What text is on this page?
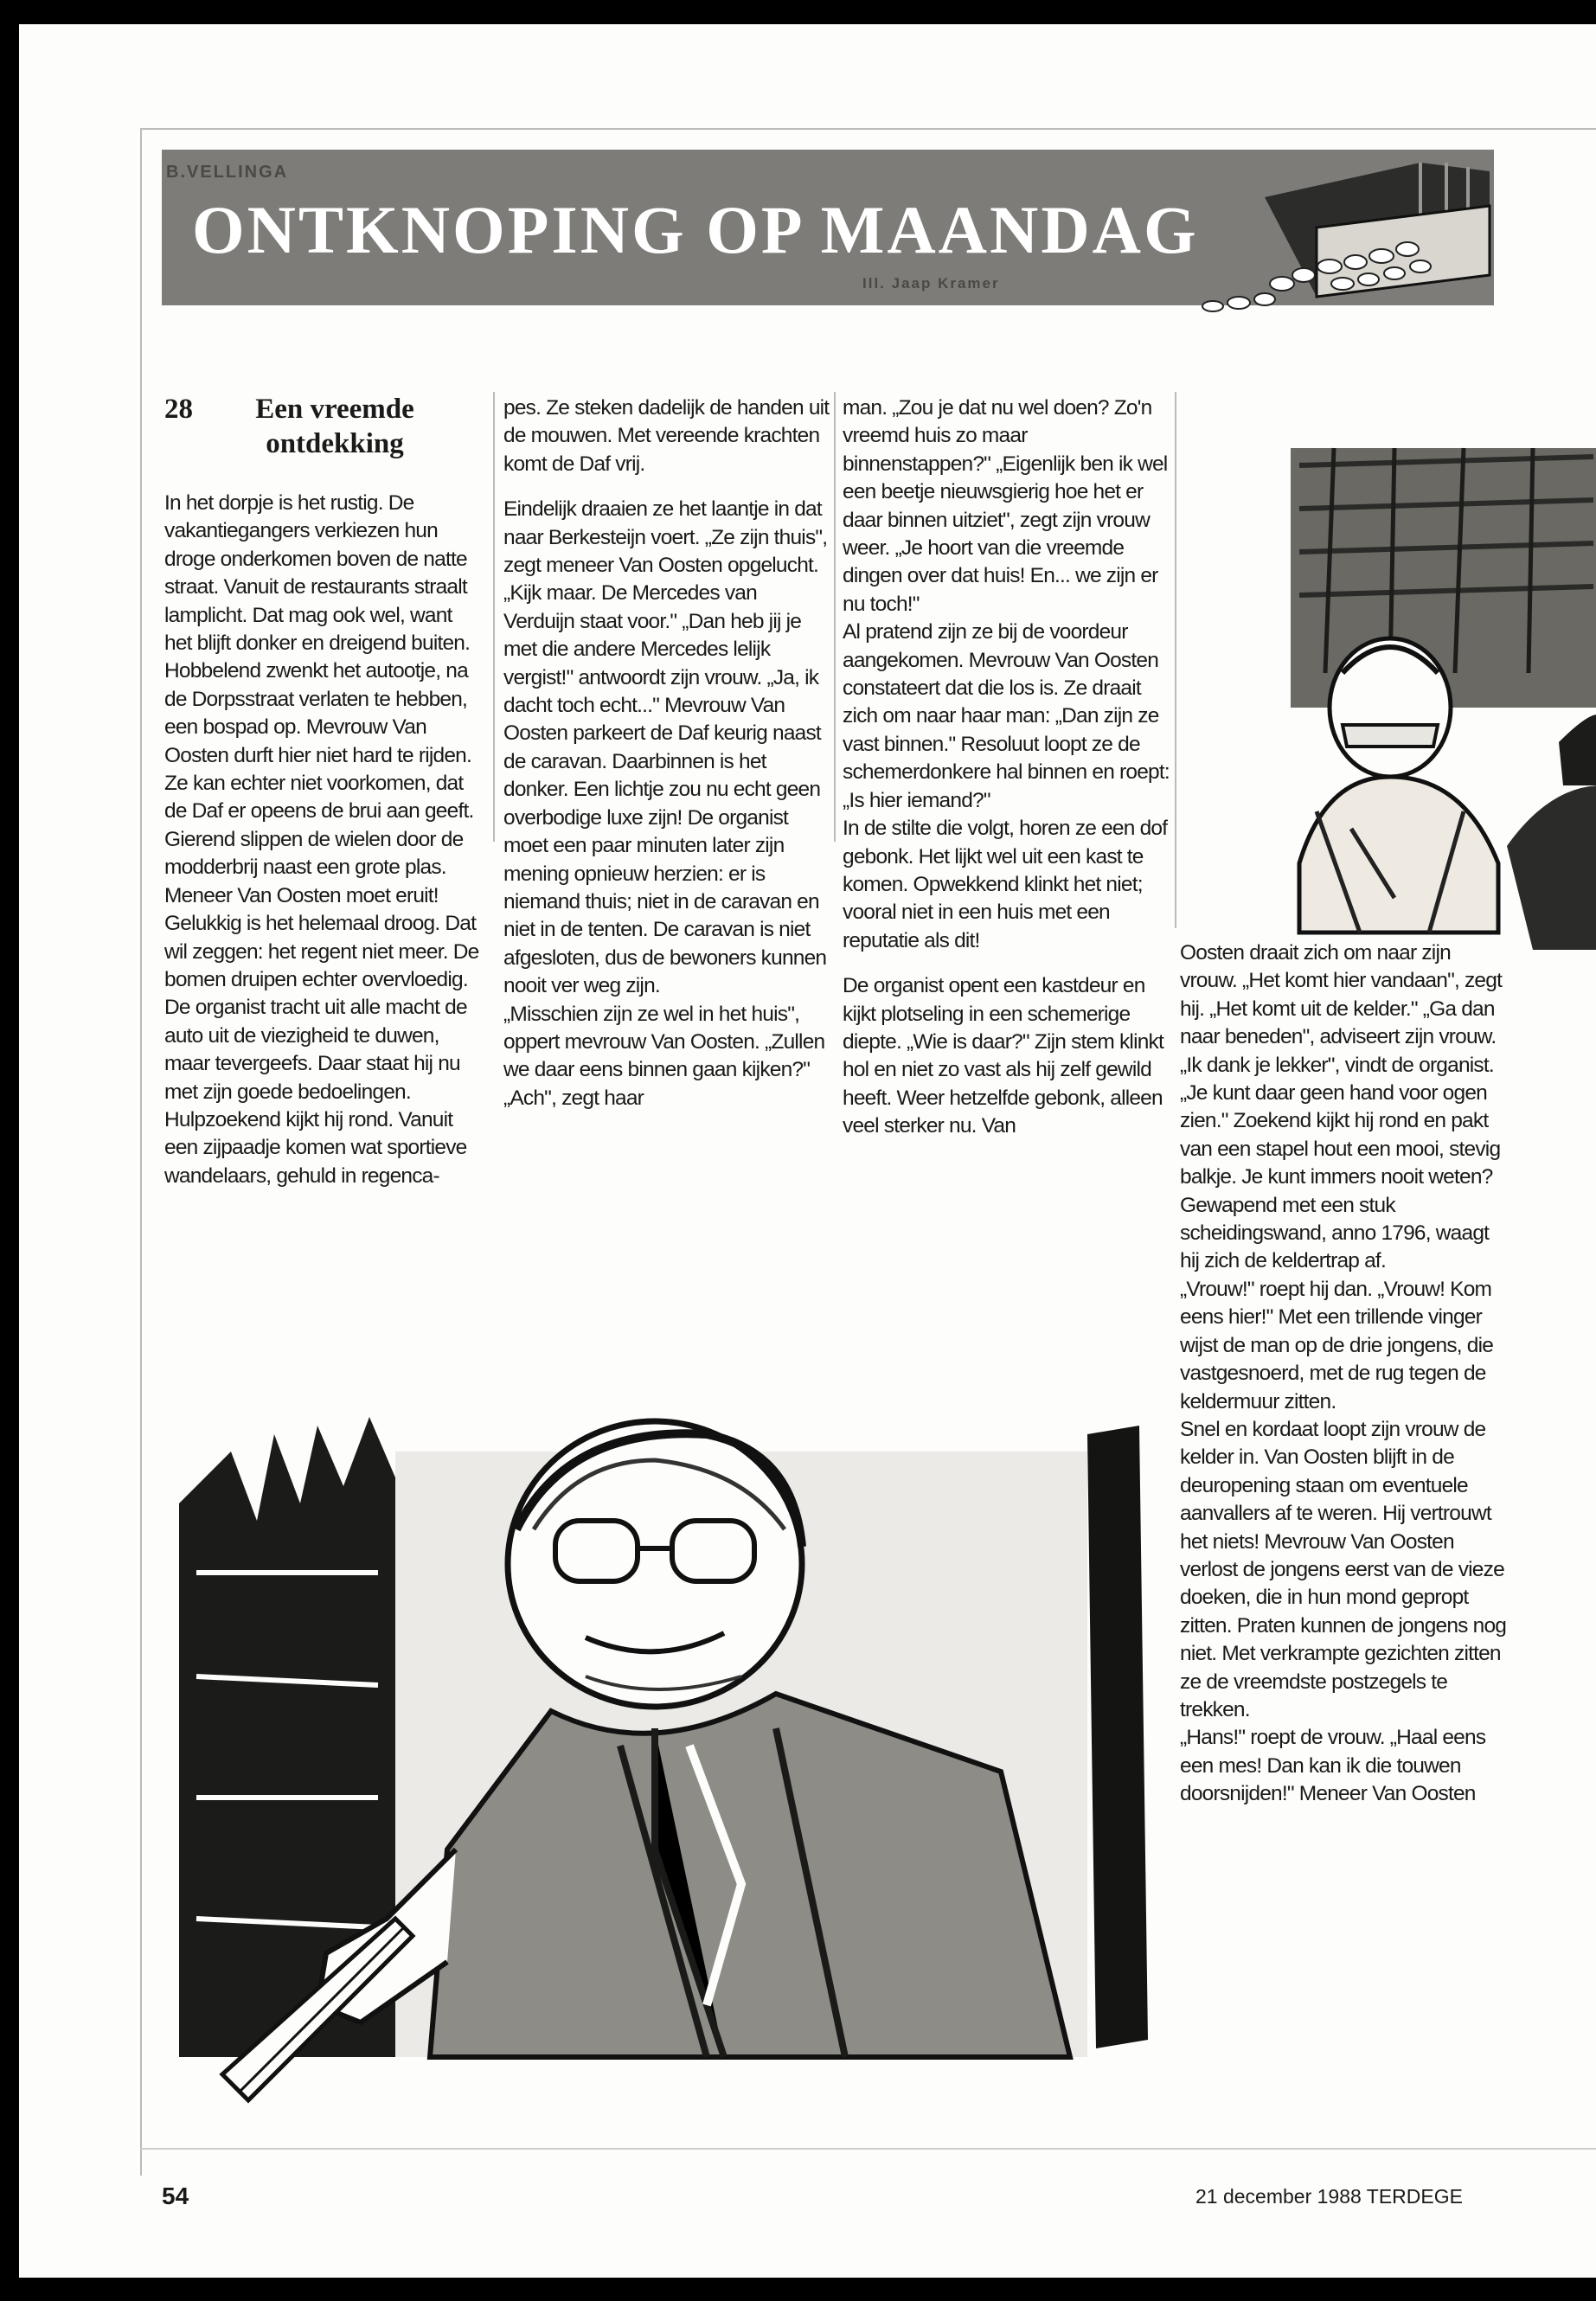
B.VELLINGA
ONTKNOPING OP MAANDAG
Ill. Jaap Kramer
28 Een vreemde ontdekking

In het dorpje is het rustig. De vakantiegangers verkiezen hun droge onderkomen boven de natte straat. Vanuit de restaurants straalt lamplicht. Dat mag ook wel, want het blijft donker en dreigend buiten. Hobbelend zwenkt het autootje, na de Dorpsstraat verlaten te hebben, een bospad op. Mevrouw Van Oosten durft hier niet hard te rijden. Ze kan echter niet voorkomen, dat de Daf er opeens de brui aan geeft. Gierend slippen de wielen door de modderbrij naast een grote plas. Meneer Van Oosten moet eruit! Gelukkig is het helemaal droog. Dat wil zeggen: het regent niet meer. De bomen druipen echter overvloedig. De organist tracht uit alle macht de auto uit de viezigheid te duwen, maar tevergeefs. Daar staat hij nu met zijn goede bedoelingen. Hulpzoekend kijkt hij rond. Vanuit een zijpaadje komen wat sportieve wandelaars, gehuld in regenca-

pes. Ze steken dadelijk de handen uit de mouwen. Met vereende krachten komt de Daf vrij.

Eindelijk draaien ze het laantje in dat naar Berkesteijn voert. „Ze zijn thuis", zegt meneer Van Oosten opgelucht. „Kijk maar. De Mercedes van Verduijn staat voor." „Dan heb jij je met die andere Mercedes lelijk vergist!" antwoordt zijn vrouw. „Ja, ik dacht toch echt..." Mevrouw Van Oosten parkeert de Daf keurig naast de caravan. Daarbinnen is het donker. Een lichtje zou nu echt geen overbodige luxe zijn! De organist moet een paar minuten later zijn mening opnieuw herzien: er is niemand thuis; niet in de caravan en niet in de tenten. De caravan is niet afgesloten, dus de bewoners kunnen nooit ver weg zijn.

„Misschien zijn ze wel in het huis", oppert mevrouw Van Oosten. „Zullen we daar eens binnen gaan kijken?" „Ach", zegt haar

man. „Zou je dat nu wel doen? Zo'n vreemd huis zo maar binnenstappen?" „Eigenlijk ben ik wel een beetje nieuwsgierig hoe het er daar binnen uitziet", zegt zijn vrouw weer. „Je hoort van die vreemde dingen over dat huis! En... we zijn er nu toch!"

Al pratend zijn ze bij de voordeur aangekomen. Mevrouw Van Oosten constateert dat die los is. Ze draait zich om naar haar man: „Dan zijn ze vast binnen." Resoluut loopt ze de schemerdonkere hal binnen en roept: „Is hier iemand?"

In de stilte die volgt, horen ze een dof gebonk. Het lijkt wel uit een kast te komen. Opwekkend klinkt het niet; vooral niet in een huis met een reputatie als dit!

De organist opent een kastdeur en kijkt plotseling in een schemerige diepte. „Wie is daar?" Zijn stem klinkt hol en niet zo vast als hij zelf gewild heeft. Weer hetzelfde gebonk, alleen veel sterker nu. Van

Oosten draait zich om naar zijn vrouw. „Het komt hier vandaan", zegt hij. „Het komt uit de kelder." „Ga dan naar beneden", adviseert zijn vrouw.

„Ik dank je lekker", vindt de organist. „Je kunt daar geen hand voor ogen zien." Zoekend kijkt hij rond en pakt van een stapel hout een mooi, stevig balkje. Je kunt immers nooit weten? Gewapend met een stuk scheidingswand, anno 1796, waagt hij zich de keldertrap af.

„Vrouw!" roept hij dan. „Vrouw! Kom eens hier!" Met een trillende vinger wijst de man op de drie jongens, die vastgesnoerd, met de rug tegen de keldermuur zitten.

Snel en kordaat loopt zijn vrouw de kelder in. Van Oosten blijft in de deuropening staan om eventuele aanvallers af te weren. Hij vertrouwt het niets! Mevrouw Van Oosten verlost de jongens eerst van de vieze doeken, die in hun mond gepropt zitten. Praten kunnen de jongens nog niet. Met verkrampte gezichten zitten ze de vreemdste postzegels te trekken.

„Hans!" roept de vrouw. „Haal eens een mes! Dan kan ik die touwen doorsnijden!" Meneer Van Oosten

54	21 december 1988 TERDEGE
